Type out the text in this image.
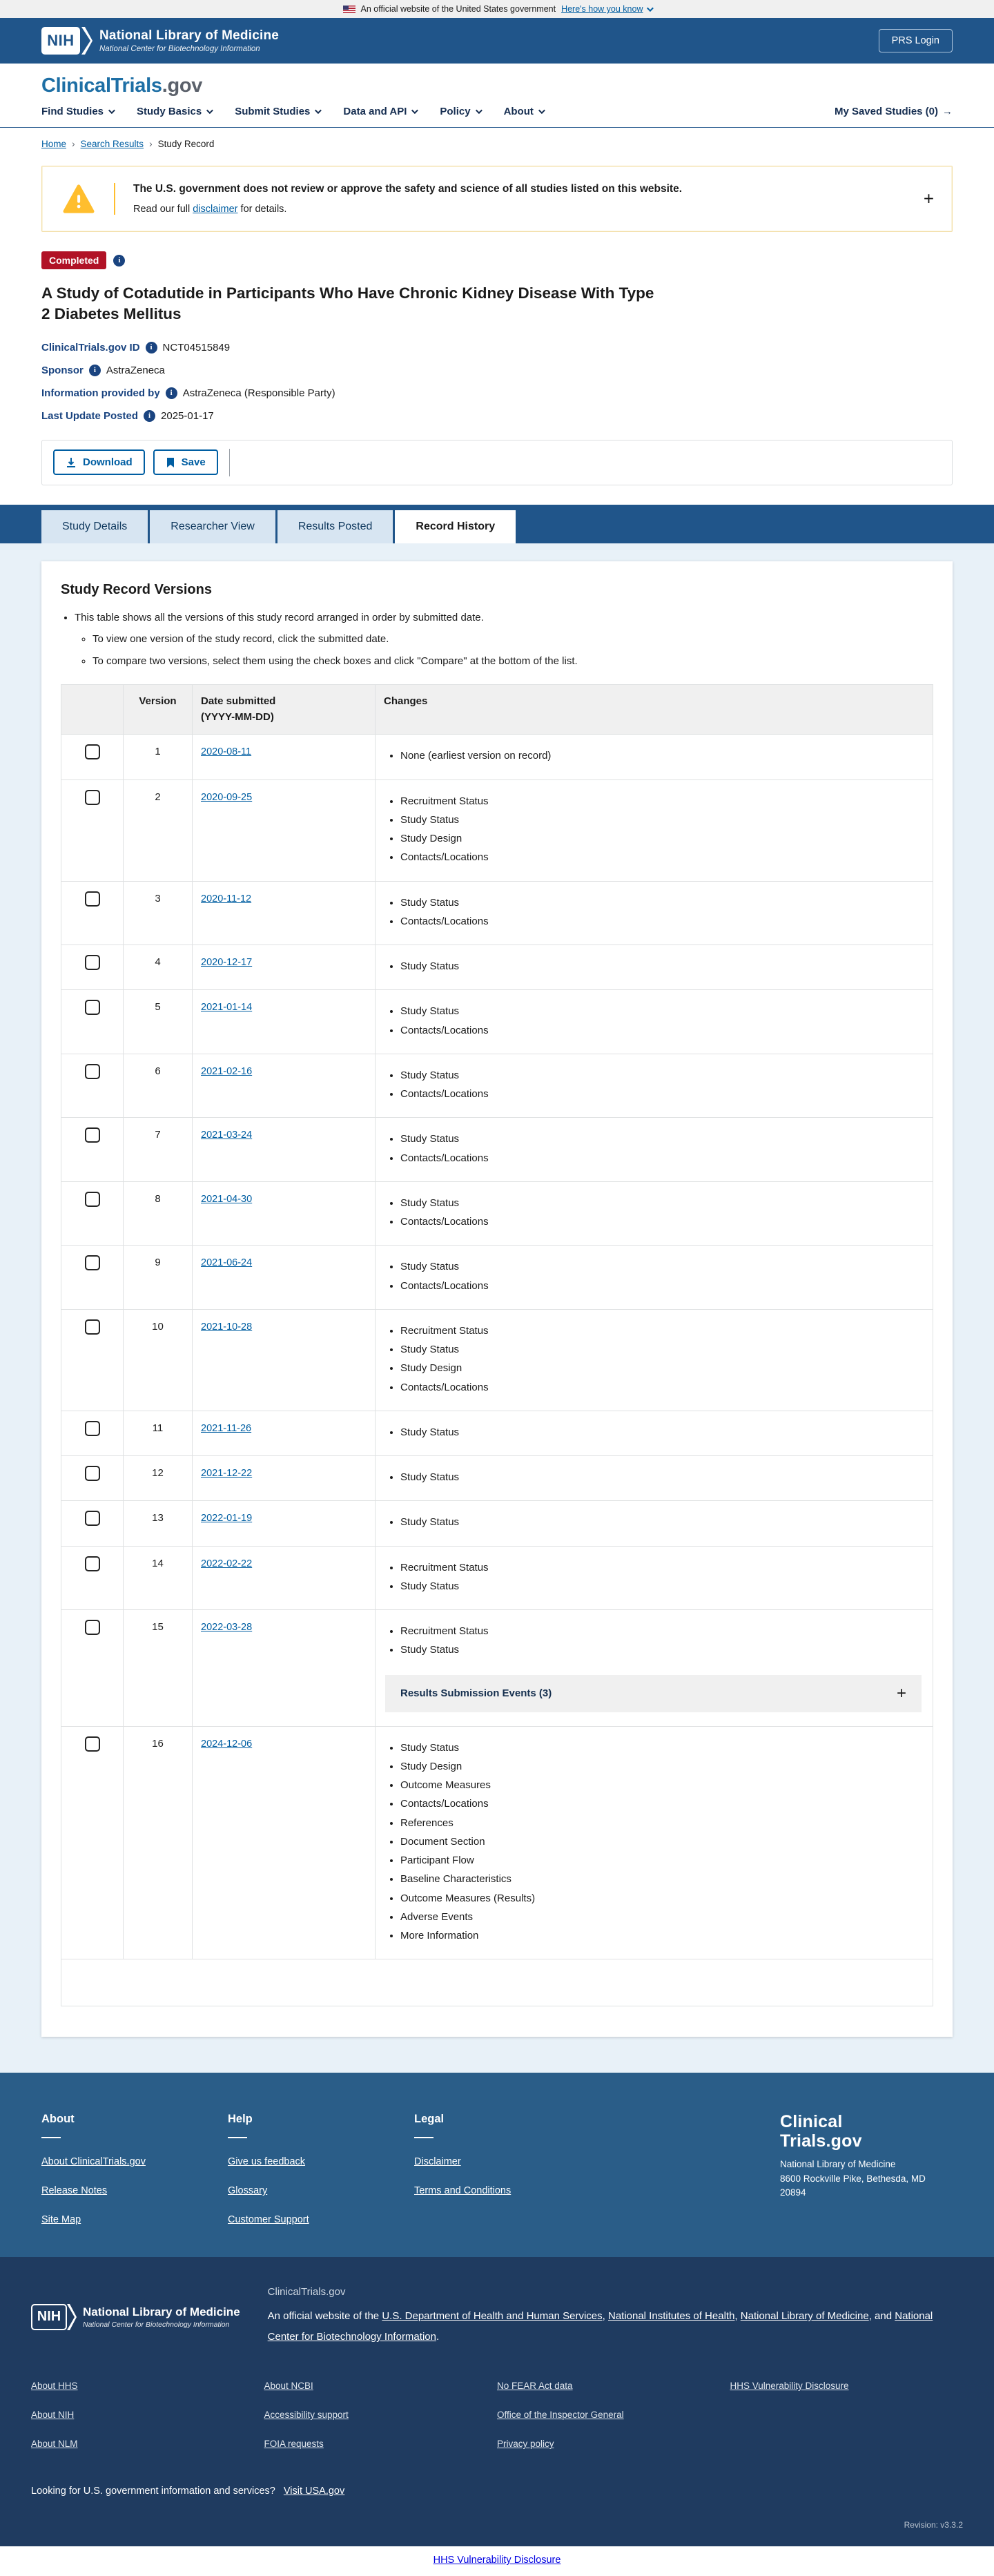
An official website of the United States government Here's how you know
NIH	National Library of Medicine
National Center for Biotechnology Information
PRS Login
ClinicalTrials.gov
Find Studies	Study Basics	Submit Studies	Data and API	Policy	About	My Saved Studies (0) →
Home › Search Results › Study Record
The U.S. government does not review or approve the safety and science of all studies listed on this website.
Read our full disclaimer for details.
+
Completed	i
A Study of Cotadutide in Participants Who Have Chronic Kidney Disease With Type 2 Diabetes Mellitus
ClinicalTrials.gov ID	i NCT04515849
Sponsor	i AstraZeneca
Information provided by	i AstraZeneca (Responsible Party)
Last Update Posted	i 2025-01-17
Download	Save
Study Details	Researcher View	Results Posted	Record History
Study Record Versions
• This table shows all the versions of this study record arranged in order by submitted date.
◦ To view one version of the study record, click the submitted date.
◦ To compare two versions, select them using the check boxes and click "Compare" at the bottom of the list.
	Version	Date submitted
(YYYY-MM-DD)	Changes
	1	2020-08-11	
•None (earliest version on record)

	2	2020-09-25	
•Recruitment Status
• Study Status
• Study Design
• Contacts/Locations

	3	2020-11-12	
•Study Status
• Contacts/Locations

	4	2020-12-17	
•Study Status

	5	2021-01-14	
•Study Status
• Contacts/Locations

	6	2021-02-16	
•Study Status
• Contacts/Locations

	7	2021-03-24	
•Study Status
• Contacts/Locations

	8	2021-04-30	
•Study Status
• Contacts/Locations

	9	2021-06-24	
•Study Status
• Contacts/Locations

	10	2021-10-28	
•Recruitment Status
• Study Status
• Study Design
• Contacts/Locations

	11	2021-11-26	
•Study Status

	12	2021-12-22	
•Study Status

	13	2022-01-19	
•Study Status

	14	2022-02-22	
•Recruitment Status
• Study Status

	15	2022-03-28	
•Recruitment Status
• Study Status
Results Submission Events (3)	+

	16	2024-12-06	
•Study Status
• Study Design
• Outcome Measures
• Contacts/Locations
• References
• Document Section
• Participant Flow
• Baseline Characteristics
• Outcome Measures (Results)
• Adverse Events
• More Information

About
About ClinicalTrials.gov
Release Notes
Site Map
Help
Give us feedback
Glossary
Customer Support
Legal
Disclaimer
Terms and Conditions
Clinical
Trials.gov
National Library of Medicine
8600 Rockville Pike, Bethesda, MD
20894
NIH	National Library of Medicine
National Center for Biotechnology Information
ClinicalTrials.gov

An official website of the U.S. Department of Health and Human Services, National Institutes of Health, National Library of Medicine, and National Center for Biotechnology Information.

About HHS
About NIH
About NLM
About NCBI
Accessibility support
FOIA requests
No FEAR Act data
Office of the Inspector General
Privacy policy
HHS Vulnerability Disclosure
Looking for U.S. government information and services? Visit USA.gov
Revision: v3.3.2
HHS Vulnerability Disclosure
